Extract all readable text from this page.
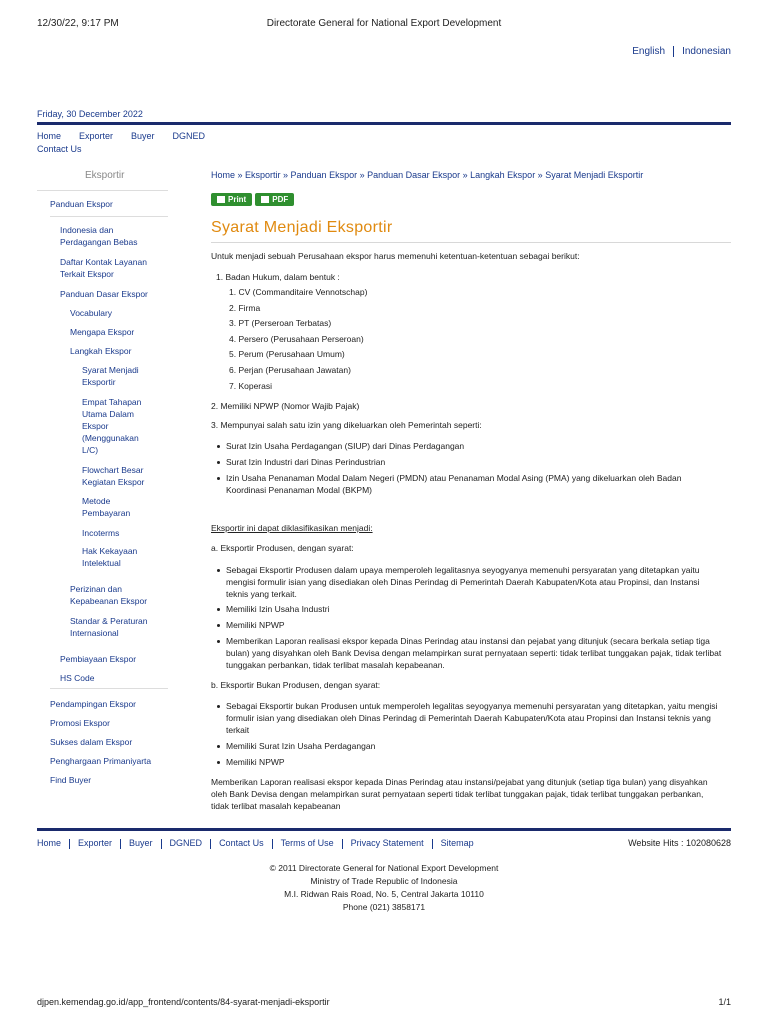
12/30/22, 9:17 PM	Directorate General for National Export Development
English Indonesian
Friday, 30 December 2022
Home Exporter Buyer DGNED
Contact Us
Eksportir
Panduan Ekspor
Indonesia dan
Perdagangan Bebas
Daftar Kontak Layanan
Terkait Ekspor
Panduan Dasar Ekspor
Vocabulary
Mengapa Ekspor
Langkah Ekspor
Syarat Menjadi
Eksportir
Empat Tahapan
Utama Dalam
Ekspor
(Menggunakan
L/C)
Flowchart Besar
Kegiatan Ekspor
Metode
Pembayaran
Incoterms
Hak Kekayaan
Intelektual
Perizinan dan
Kepabeanan Ekspor
Standar & Peraturan
Internasional
Pembiayaan Ekspor
HS Code
Pendampingan Ekspor
Promosi Ekspor
Sukses dalam Ekspor
Penghargaan Primaniyarta
Find Buyer
Home » Eksportir » Panduan Ekspor » Panduan Dasar Ekspor » Langkah Ekspor » Syarat Menjadi Eksportir
Print	PDF
Syarat Menjadi Eksportir
Untuk menjadi sebuah Perusahaan ekspor harus memenuhi ketentuan-ketentuan sebagai berikut:
1. Badan Hukum, dalam bentuk :
1. CV (Commanditaire Vennotschap)
2. Firma
3. PT (Perseroan Terbatas)
4. Persero (Perusahaan Perseroan)
5. Perum (Perusahaan Umum)
6. Perjan (Perusahaan Jawatan)
7. Koperasi
2. Memiliki NPWP (Nomor Wajib Pajak)
3. Mempunyai salah satu izin yang dikeluarkan oleh Pemerintah seperti:
Surat Izin Usaha Perdagangan (SIUP) dari Dinas Perdagangan
Surat Izin Industri dari Dinas Perindustrian
Izin Usaha Penanaman Modal Dalam Negeri (PMDN) atau Penanaman Modal Asing (PMA) yang dikeluarkan oleh Badan
Koordinasi Penanaman Modal (BKPM)
Eksportir ini dapat diklasifikasikan menjadi:
a. Eksportir Produsen, dengan syarat:
Sebagai Eksportir Produsen dalam upaya memperoleh legalitasnya seyogyanya memenuhi persyaratan yang ditetapkan yaitu
mengisi formulir isian yang disediakan oleh Dinas Perindag di Pemerintah Daerah Kabupaten/Kota atau Propinsi, dan Instansi
teknis yang terkait.
Memiliki Izin Usaha Industri
Memiliki NPWP
Memberikan Laporan realisasi ekspor kepada Dinas Perindag atau instansi dan pejabat yang ditunjuk (secara berkala setiap tiga
bulan) yang disyahkan oleh Bank Devisa dengan melampirkan surat pernyataan seperti: tidak terlibat tunggakan pajak, tidak terlibat
tunggakan perbankan, tidak terlibat masalah kepabeanan.
b. Eksportir Bukan Produsen, dengan syarat:
Sebagai Eksportir bukan Produsen untuk memperoleh legalitas seyogyanya memenuhi persyaratan yang ditetapkan, yaitu mengisi
formulir isian yang disediakan oleh Dinas Perindag di Pemerintah Daerah Kabupaten/Kota atau Propinsi dan Instansi teknis yang
terkait
Memiliki Surat Izin Usaha Perdagangan
Memiliki NPWP
Memberikan Laporan realisasi ekspor kepada Dinas Perindag atau instansi/pejabat yang ditunjuk (setiap tiga bulan) yang disyahkan
oleh Bank Devisa dengan melampirkan surat pernyataan seperti tidak terlibat tunggakan pajak, tidak terlibat tunggakan perbankan,
tidak terlibat masalah kepabeanan
Home Exporter Buyer DGNED Contact Us Terms of Use Privacy Statement Sitemap	Website Hits : 102080628
© 2011 Directorate General for National Export Development
Ministry of Trade Republic of Indonesia
M.I. Ridwan Rais Road, No. 5, Central Jakarta 10110
Phone (021) 3858171
djpen.kemendag.go.id/app_frontend/contents/84-syarat-menjadi-eksportir	1/1
